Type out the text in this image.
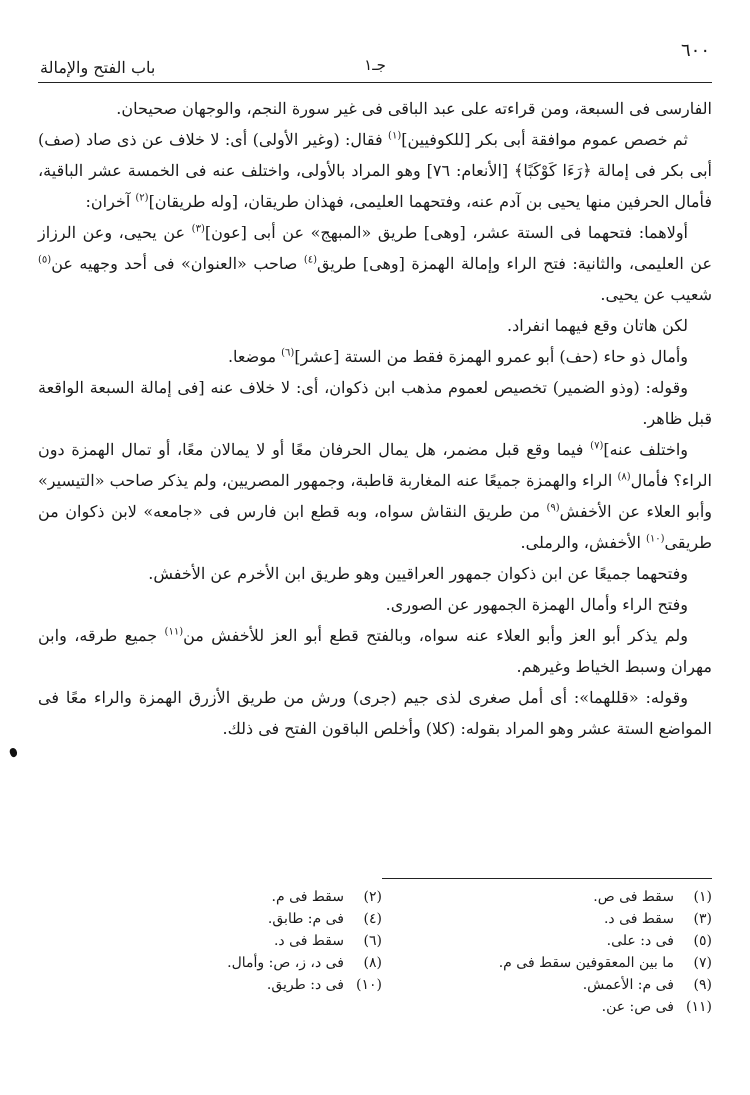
٦٠٠
جـ١
باب الفتح والإمالة

الفارسى فى السبعة، ومن قراءته على عبد الباقى فى غير سورة النجم، والوجهان صحيحان.

ثم خصص عموم موافقة أبى بكر [للكوفيين]$^{(١)}$ فقال: (وغير الأولى) أى: لا خلاف عن ذى صاد (صف) أبى بكر فى إمالة ﴿رَءَا كَوْكَبًا﴾ [الأنعام: ٧٦] وهو المراد بالأولى، واختلف عنه فى الخمسة عشر الباقية، فأمال الحرفين منها يحيى بن آدم عنه، وفتحهما العليمى، فهذان طريقان، [وله طريقان]$^{(٢)}$ آخران:

أولاهما: فتحهما فى الستة عشر، [وهى] طريق «المبهج» عن أبى [عون]$^{(٣)}$ عن يحيى، وعن الرزاز عن العليمى، والثانية: فتح الراء وإمالة الهمزة [وهى] طريق$^{(٤)}$ صاحب «العنوان» فى أحد وجهيه عن$^{(٥)}$ شعيب عن يحيى.

لكن هاتان وقع فيهما انفراد.

وأمال ذو حاء (حف) أبو عمرو الهمزة فقط من الستة [عشر]$^{(٦)}$ موضعا.

وقوله: (وذو الضمير) تخصيص لعموم مذهب ابن ذكوان، أى: لا خلاف عنه [فى إمالة السبعة الواقعة قبل ظاهر.

واختلف عنه]$^{(٧)}$ فيما وقع قبل مضمر، هل يمال الحرفان معًا أو لا يمالان معًا، أو تمال الهمزة دون الراء؟ فأمال$^{(٨)}$ الراء والهمزة جميعًا عنه المغاربة قاطبة، وجمهور المصريين، ولم يذكر صاحب «التيسير» وأبو العلاء عن الأخفش$^{(٩)}$ من طريق النقاش سواه، وبه قطع ابن فارس فى «جامعه» لابن ذكوان من طريقى$^{(١٠)}$ الأخفش، والرملى.

وفتحهما جميعًا عن ابن ذكوان جمهور العراقيين وهو طريق ابن الأخرم عن الأخفش.

وفتح الراء وأمال الهمزة الجمهور عن الصورى.

ولم يذكر أبو العز وأبو العلاء عنه سواه، وبالفتح قطع أبو العز للأخفش من$^{(١١)}$ جميع طرقه، وابن مهران وسبط الخياط وغيرهم.

وقوله: «قللهما»: أى أمل صغرى لذى جيم (جرى) ورش من طريق الأزرق الهمزة والراء معًا فى المواضع الستة عشر وهو المراد بقوله: (كلا) وأخلص الباقون الفتح فى ذلك.

(١)سقط فى ص.
(٣)سقط فى د.
(٥)فى د: على.
(٧)ما بين المعقوفين سقط فى م.
(٩)فى م: الأعمش.
(١١)فى ص: عن.
(٢)سقط فى م.
(٤)فى م: طابق.
(٦)سقط فى د.
(٨)فى د، ز، ص: وأمال.
(١٠)فى د: طريق.
